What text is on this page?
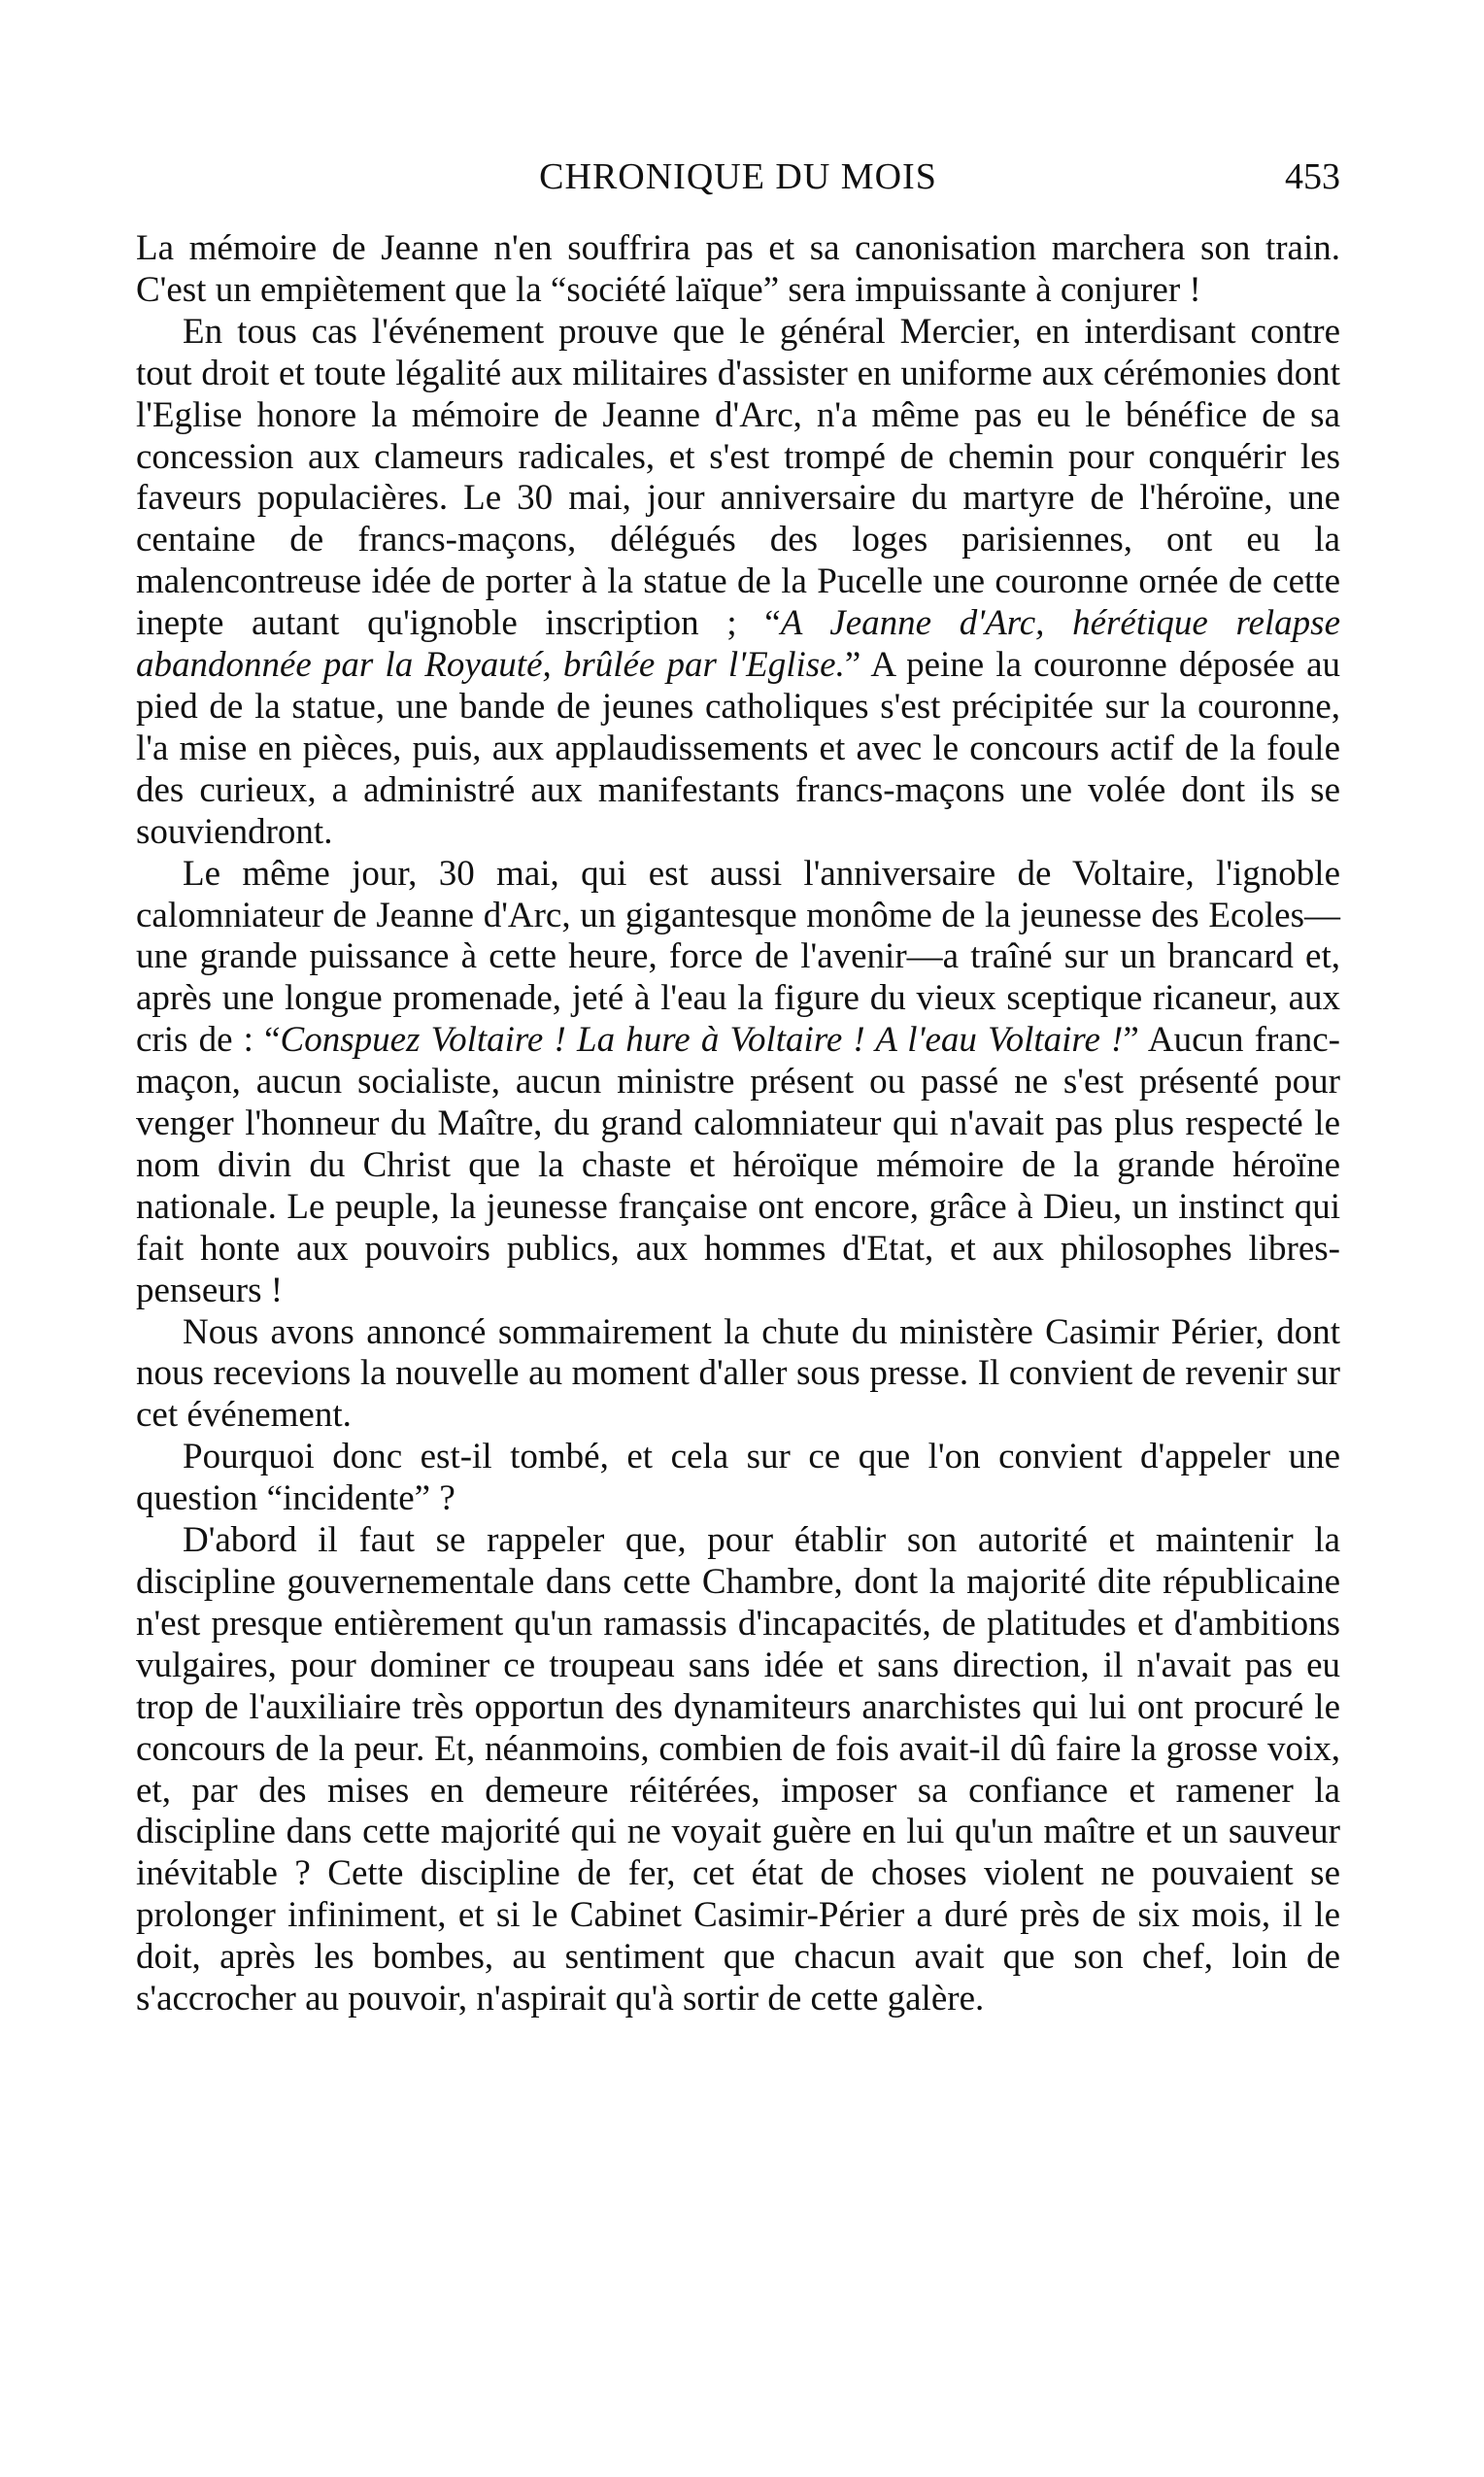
CHRONIQUE DU MOIS	453

La mémoire de Jeanne n'en souffrira pas et sa canonisation marchera son train. C'est un empiètement que la “société laïque” sera impuissante à conjurer !

En tous cas l'événement prouve que le général Mercier, en interdisant contre tout droit et toute légalité aux militaires d'assister en uniforme aux cérémonies dont l'Eglise honore la mémoire de Jeanne d'Arc, n'a même pas eu le bénéfice de sa concession aux clameurs radicales, et s'est trompé de chemin pour conquérir les faveurs populacières. Le 30 mai, jour anniversaire du martyre de l'héroïne, une centaine de francs-maçons, délégués des loges parisiennes, ont eu la malencontreuse idée de porter à la statue de la Pucelle une couronne ornée de cette inepte autant qu'ignoble inscription ; “A Jeanne d'Arc, hérétique relapse abandonnée par la Royauté, brûlée par l'Eglise.” A peine la couronne déposée au pied de la statue, une bande de jeunes catholiques s'est précipitée sur la couronne, l'a mise en pièces, puis, aux applaudissements et avec le concours actif de la foule des curieux, a administré aux manifestants francs-maçons une volée dont ils se souviendront.

Le même jour, 30 mai, qui est aussi l'anniversaire de Voltaire, l'ignoble calomniateur de Jeanne d'Arc, un gigantesque monôme de la jeunesse des Ecoles—une grande puissance à cette heure, force de l'avenir—a traîné sur un brancard et, après une longue promenade, jeté à l'eau la figure du vieux sceptique ricaneur, aux cris de : “Conspuez Voltaire ! La hure à Voltaire ! A l'eau Voltaire !” Aucun franc-maçon, aucun socialiste, aucun ministre présent ou passé ne s'est présenté pour venger l'honneur du Maître, du grand calomniateur qui n'avait pas plus respecté le nom divin du Christ que la chaste et héroïque mémoire de la grande héroïne nationale. Le peuple, la jeunesse française ont encore, grâce à Dieu, un instinct qui fait honte aux pouvoirs publics, aux hommes d'Etat, et aux philosophes libres-penseurs !

Nous avons annoncé sommairement la chute du ministère Casimir Périer, dont nous recevions la nouvelle au moment d'aller sous presse. Il convient de revenir sur cet événement.

Pourquoi donc est-il tombé, et cela sur ce que l'on convient d'appeler une question “incidente” ?

D'abord il faut se rappeler que, pour établir son autorité et maintenir la discipline gouvernementale dans cette Chambre, dont la majorité dite républicaine n'est presque entièrement qu'un ramassis d'incapacités, de platitudes et d'ambitions vulgaires, pour dominer ce troupeau sans idée et sans direction, il n'avait pas eu trop de l'auxiliaire très opportun des dynamiteurs anarchistes qui lui ont procuré le concours de la peur. Et, néanmoins, combien de fois avait-il dû faire la grosse voix, et, par des mises en demeure réitérées, imposer sa confiance et ramener la discipline dans cette majorité qui ne voyait guère en lui qu'un maître et un sauveur inévitable ? Cette discipline de fer, cet état de choses violent ne pouvaient se prolonger infiniment, et si le Cabinet Casimir-Périer a duré près de six mois, il le doit, après les bombes, au sentiment que chacun avait que son chef, loin de s'accrocher au pouvoir, n'aspirait qu'à sortir de cette galère.
